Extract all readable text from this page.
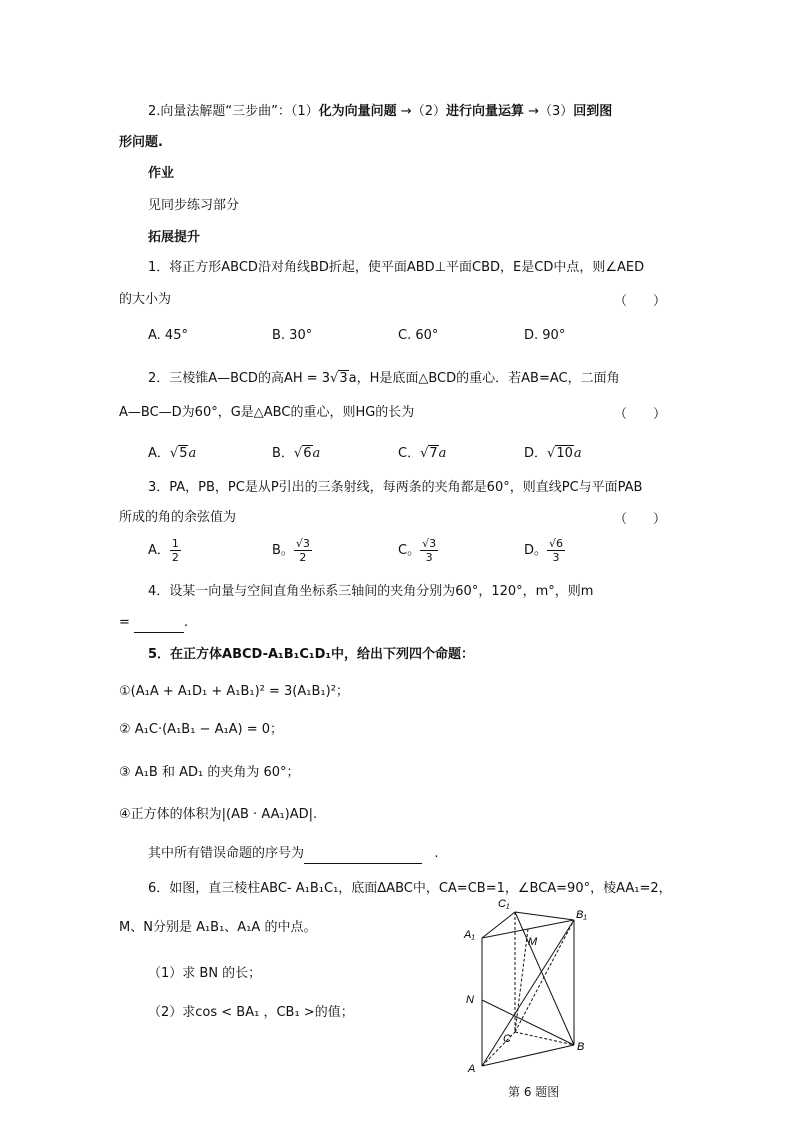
2.向量法解题“三步曲”：（1）化为向量问题 →（2）进行向量运算 →（3）回到图
形问题.
作业
见同步练习部分
拓展提升
1．将正方形ABCD沿对角线BD折起，使平面ABD⊥平面CBD，E是CD中点，则∠AED
的大小为	（　　）
A. 45°	B. 30°	C. 60°	D. 90°
2．三棱锥A—BCD的高AH = 3√3a，H是底面△BCD的重心．若AB=AC，二面角
A—BC—D为60°，G是△ABC的重心，则HG的长为	（　　）
A．√5a	B．√6a	C．√7a	D．√10a
3．PA，PB，PC是从P引出的三条射线，每两条的夹角都是60°，则直线PC与平面PAB
所成的角的余弦值为	（　　）
A． $\frac{1}{2}$	B。 $\frac{√3}{2}$	C。 $\frac{√3}{3}$	D。 $\frac{√6}{3}$
4．设某一向量与空间直角坐标系三轴间的夹角分别为60°，120°，m°，则m
=	.
5．在正方体ABCD-A₁B₁C₁D₁中，给出下列四个命题：
①(A₁A + A₁D₁ + A₁B₁)² = 3(A₁B₁)²；
② A₁C·(A₁B₁ − A₁A) = 0；
③ A₁B 和 AD₁ 的夹角为 60°；
④正方体的体积为|(AB · AA₁)AD|.
其中所有错误命题的序号为	.
6．如图，直三棱柱ABC- A₁B₁C₁，底面ΔABC中，CA=CB=1，∠BCA=90°，棱AA₁=2，
M、N分别是 A₁B₁、A₁A 的中点。
（1）求 BN 的长；
（2）求cos < BA₁ ，CB₁ >的值；
C₁
B₁
A₁
M
N
C
B
A
第 6 题图
